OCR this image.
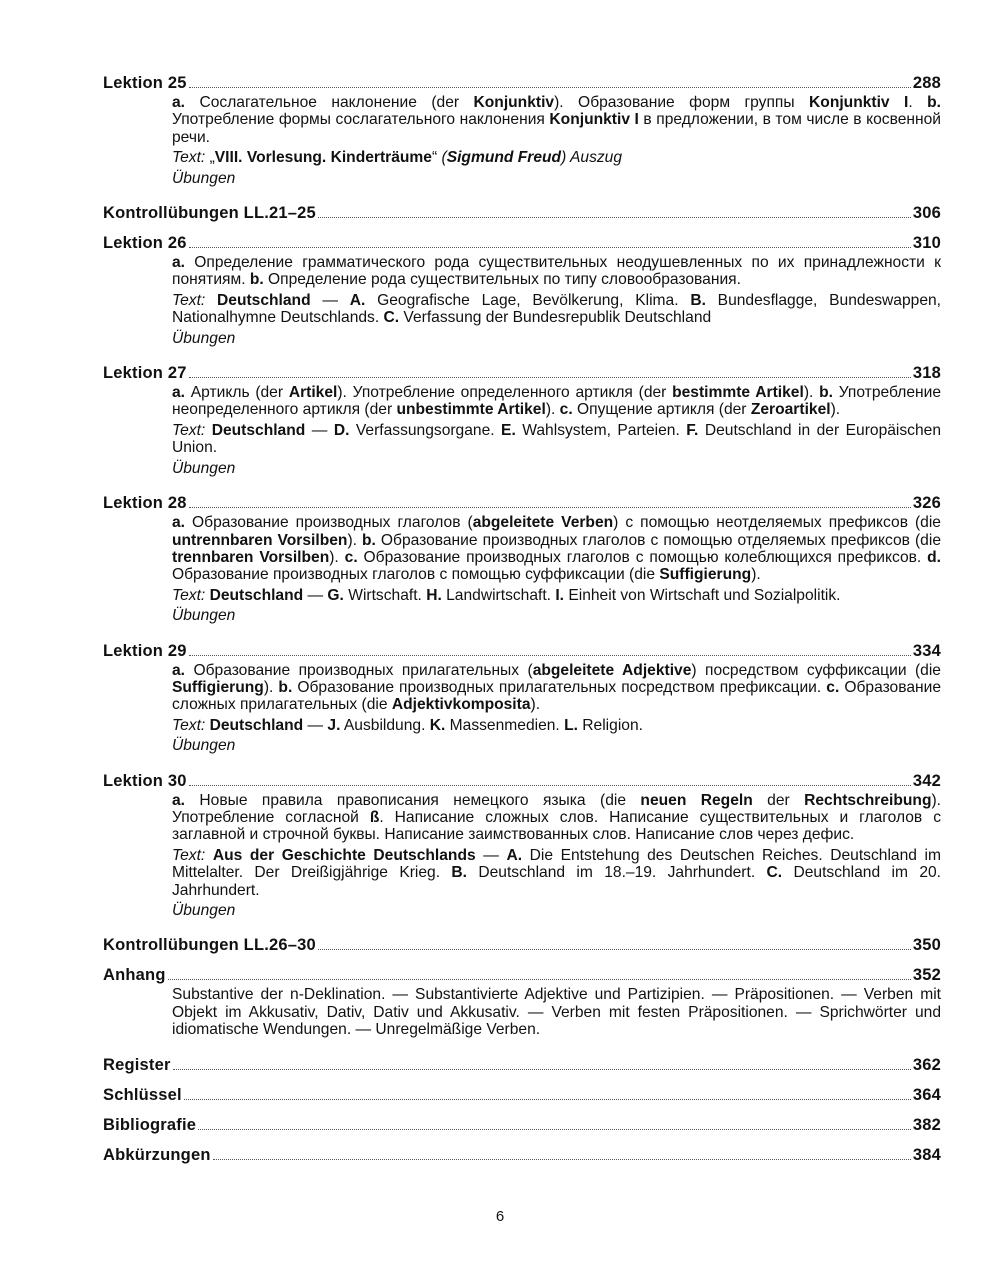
Lektion 25	288

a. Сослагательное наклонение (der Konjunktiv). Образование форм группы Konjunktiv I. b. Употребление формы сослагательного наклонения Konjunktiv I в предложении, в том числе в косвенной речи.

Text: „VIII. Vorlesung. Kinderträume“ (Sigmund Freud) Auszug

Übungen

Kontrollübungen LL.21–25	306
Lektion 26	310

a. Определение грамматического рода существительных неодушевленных по их принадлежности к понятиям. b. Определение рода существительных по типу словообразования.

Text: Deutschland — A. Geografische Lage, Bevölkerung, Klima. B. Bundesflagge, Bundeswappen, Nationalhymne Deutschlands. C. Verfassung der Bundesrepublik Deutschland

Übungen

Lektion 27	318

a. Артикль (der Artikel). Употребление определенного артикля (der bestimmte Artikel). b. Употребление неопределенного артикля (der unbestimmte Artikel). c. Опущение артикля (der Zeroartikel).

Text: Deutschland — D. Verfassungsorgane. E. Wahlsystem, Parteien. F. Deutschland in der Europäischen Union.

Übungen

Lektion 28	326

a. Образование производных глаголов (abgeleitete Verben) с помощью неотделяемых префиксов (die untrennbaren Vorsilben). b. Образование производных глаголов с помощью отделяемых префиксов (die trennbaren Vorsilben). c. Образование производных глаголов с помощью колеблющихся префиксов. d. Образование производных глаголов с помощью суффиксации (die Suffigierung).

Text: Deutschland — G. Wirtschaft. H. Landwirtschaft. I. Einheit von Wirtschaft und Sozialpolitik.

Übungen

Lektion 29	334

a. Образование производных прилагательных (abgeleitete Adjektive) посредством суффиксации (die Suffigierung). b. Образование производных прилагательных посредством префиксации. c. Образование сложных прилагательных (die Adjektivkomposita).

Text: Deutschland — J. Ausbildung. K. Massenmedien. L. Religion.

Übungen

Lektion 30	342

a. Новые правила правописания немецкого языка (die neuen Regeln der Rechtschreibung). Употребление согласной ß. Написание сложных слов. Написание существительных и глаголов с заглавной и строчной буквы. Написание заимствованных слов. Написание слов через дефис.

Text: Aus der Geschichte Deutschlands — A. Die Entstehung des Deutschen Reiches. Deutschland im Mittelalter. Der Dreißigjährige Krieg. B. Deutschland im 18.–19. Jahrhundert. C. Deutschland im 20. Jahrhundert.

Übungen

Kontrollübungen LL.26–30	350
Anhang	352

Substantive der n-Deklination. — Substantivierte Adjektive und Partizipien. — Präpositionen. — Verben mit Objekt im Akkusativ, Dativ, Dativ und Akkusativ. — Verben mit festen Präpositionen. — Sprichwörter und idiomatische Wendungen. — Unregelmäßige Verben.

Register	362
Schlüssel	364
Bibliografie	382
Abkürzungen	384
6
